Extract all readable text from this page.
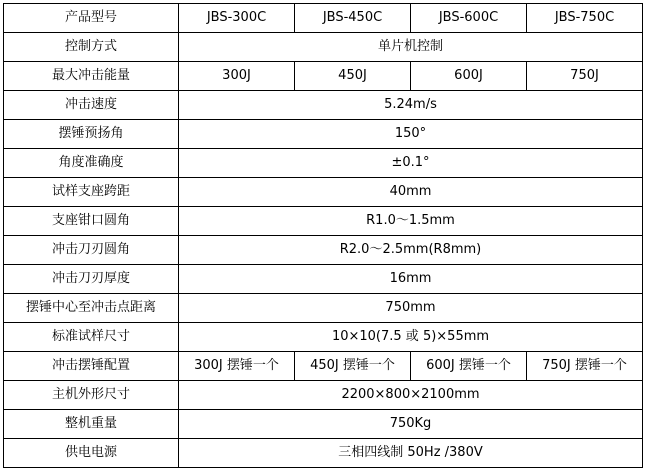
产品型号	JBS-300C	JBS-450C	JBS-600C	JBS-750C
控制方式	单片机控制			
最大冲击能量	300J	450J	600J	750J
冲击速度	5.24m/s			
摆锤预扬角	150°			
角度准确度	±0.1°			
试样支座跨距	40mm			
支座钳口圆角	R1.0～1.5mm			
冲击刀刃圆角	R2.0～2.5mm(R8mm)			
冲击刀刃厚度	16mm			
摆锤中心至冲击点距离	750mm			
标准试样尺寸	10×10(7.5 或 5)×55mm			
冲击摆锤配置	300J 摆锤一个	450J 摆锤一个	600J 摆锤一个	750J 摆锤一个
主机外形尺寸	2200×800×2100mm			
整机重量	750Kg			
供电电源	三相四线制 50Hz /380V			
